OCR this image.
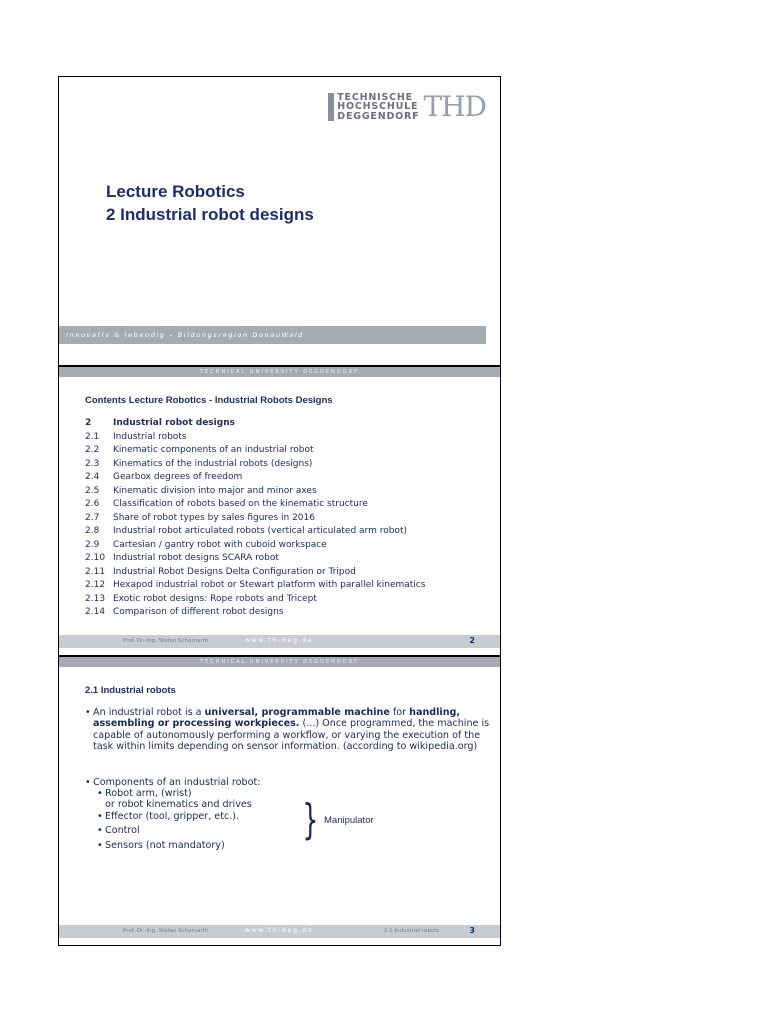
TECHNISCHE
HOCHSCHULE
DEGGENDORF THD
Lecture Robotics
2 Industrial robot designs
Innovativ & lebendig – Bildungsregion DonauWald
TECHNICAL UNIVERSITY DEGGENDORF
Contents Lecture Robotics - Industrial Robots Designs
2 Industrial robot designs
2.1 Industrial robots
2.2 Kinematic components of an industrial robot
2.3 Kinematics of the industrial robots (designs)
2.4 Gearbox degrees of freedom
2.5 Kinematic division into major and minor axes
2.6 Classification of robots based on the kinematic structure
2.7 Share of robot types by sales figures in 2016
2.8 Industrial robot articulated robots (vertical articulated arm robot)
2.9 Cartesian / gantry robot with cuboid workspace
2.10 Industrial robot designs SCARA robot
2.11 Industrial Robot Designs Delta Configuration or Tripod
2.12 Hexapod industrial robot or Stewart platform with parallel kinematics
2.13 Exotic robot designs: Rope robots and Tricept
2.14 Comparison of different robot designs
Prof. Dr.-Ing. Stefan Scharnarth	www.th-deg.de	2
TECHNICAL UNIVERSITY DEGGENDORF
2.1 Industrial robots
• An industrial robot is a universal, programmable machine for handling, assembling or processing workpieces. (...) Once programmed, the machine is capable of autonomously performing a workflow, or varying the execution of the task within limits depending on sensor information. (according to wikipedia.org)
• Components of an industrial robot:
• Robot arm, (wrist)
or robot kinematics and drives
• Effector (tool, gripper, etc.).
• Control
• Sensors (not mandatory)
} Manipulator
Prof. Dr.-Ing. Stefan Scharnarth	www.th-deg.de	2.1 Industrial robots	3
